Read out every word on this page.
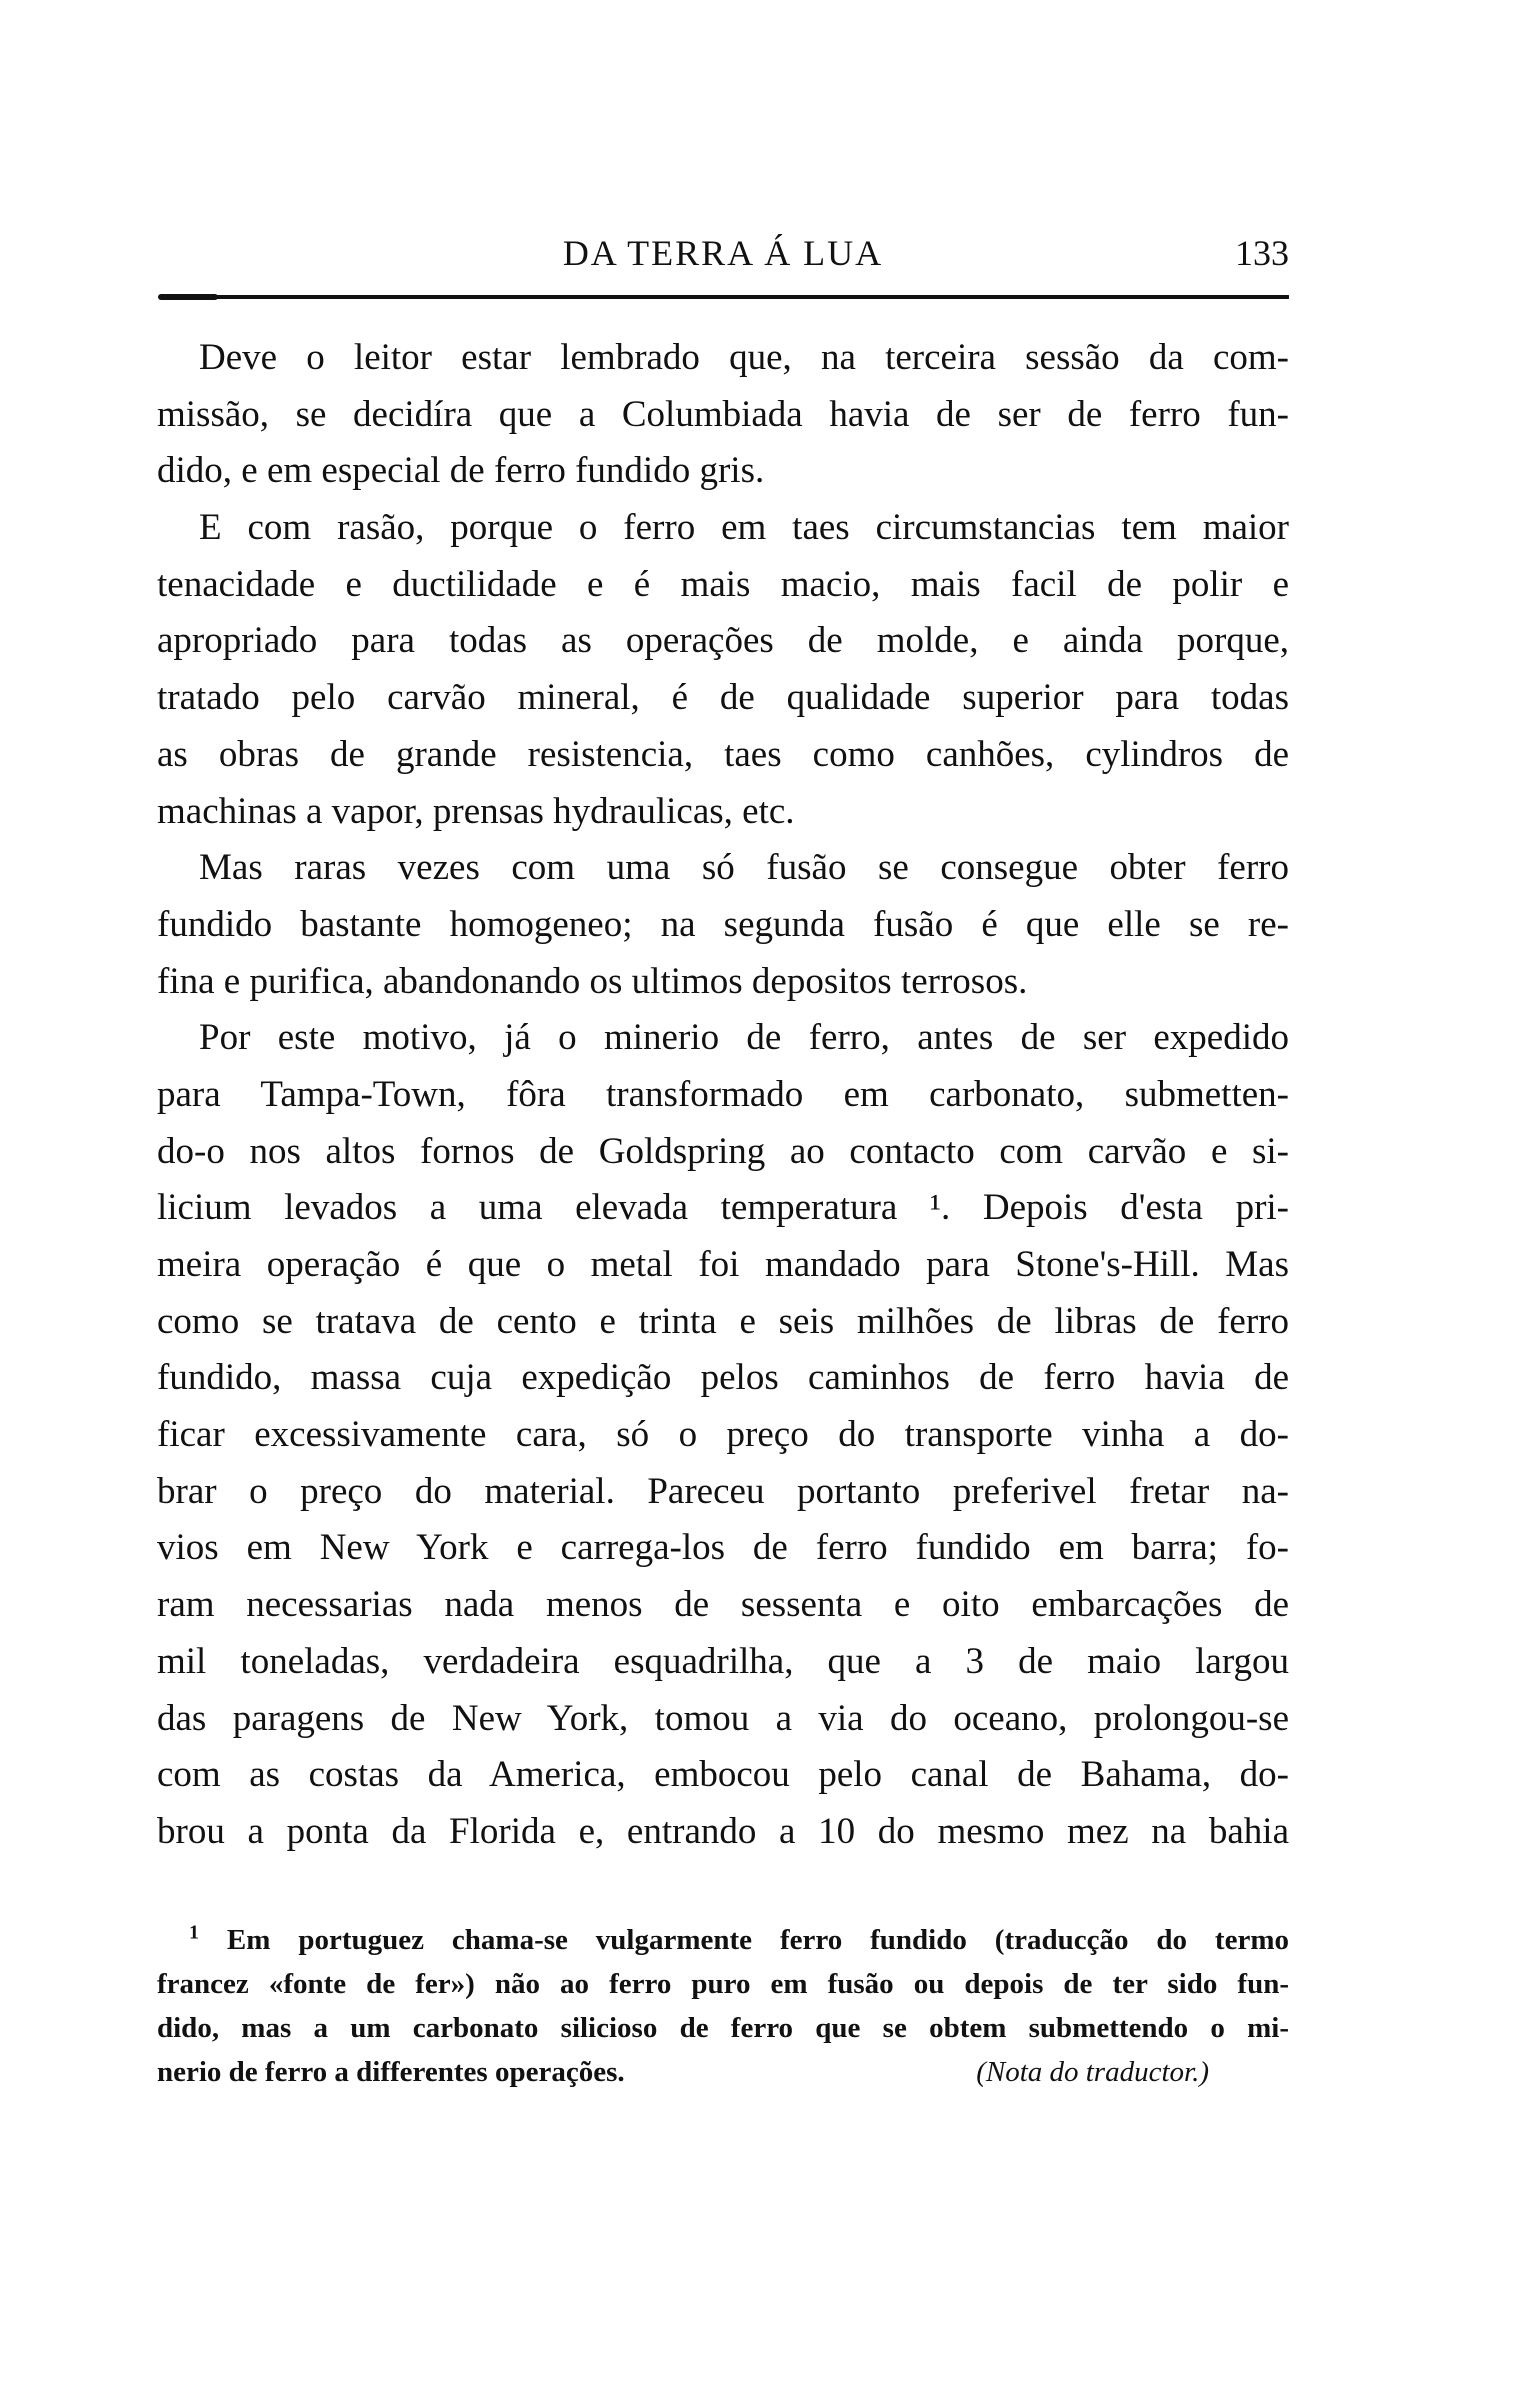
DA TERRA Á LUA	133
Deve o leitor estar lembrado que, na terceira sessão da com-
missão, se decidíra que a Columbiada havia de ser de ferro fun-
dido, e em especial de ferro fundido gris.
E com rasão, porque o ferro em taes circumstancias tem maior
tenacidade e ductilidade e é mais macio, mais facil de polir e
apropriado para todas as operações de molde, e ainda porque,
tratado pelo carvão mineral, é de qualidade superior para todas
as obras de grande resistencia, taes como canhões, cylindros de
machinas a vapor, prensas hydraulicas, etc.
Mas raras vezes com uma só fusão se consegue obter ferro
fundido bastante homogeneo; na segunda fusão é que elle se re-
fina e purifica, abandonando os ultimos depositos terrosos.
Por este motivo, já o minerio de ferro, antes de ser expedido
para Tampa-Town, fôra transformado em carbonato, submetten-
do-o nos altos fornos de Goldspring ao contacto com carvão e si-
licium levados a uma elevada temperatura ¹. Depois d'esta pri-
meira operação é que o metal foi mandado para Stone's-Hill. Mas
como se tratava de cento e trinta e seis milhões de libras de ferro
fundido, massa cuja expedição pelos caminhos de ferro havia de
ficar excessivamente cara, só o preço do transporte vinha a do-
brar o preço do material. Pareceu portanto preferivel fretar na-
vios em New York e carrega-los de ferro fundido em barra; fo-
ram necessarias nada menos de sessenta e oito embarcações de
mil toneladas, verdadeira esquadrilha, que a 3 de maio largou
das paragens de New York, tomou a via do oceano, prolongou-se
com as costas da America, embocou pelo canal de Bahama, do-
brou a ponta da Florida e, entrando a 10 do mesmo mez na bahia
$^1$ Em portuguez chama-se vulgarmente ferro fundido (traducção do termo
francez «fonte de fer») não ao ferro puro em fusão ou depois de ter sido fun-
dido, mas a um carbonato silicioso de ferro que se obtem submettendo o mi-
nerio de ferro a differentes operações.	(Nota do traductor.)
